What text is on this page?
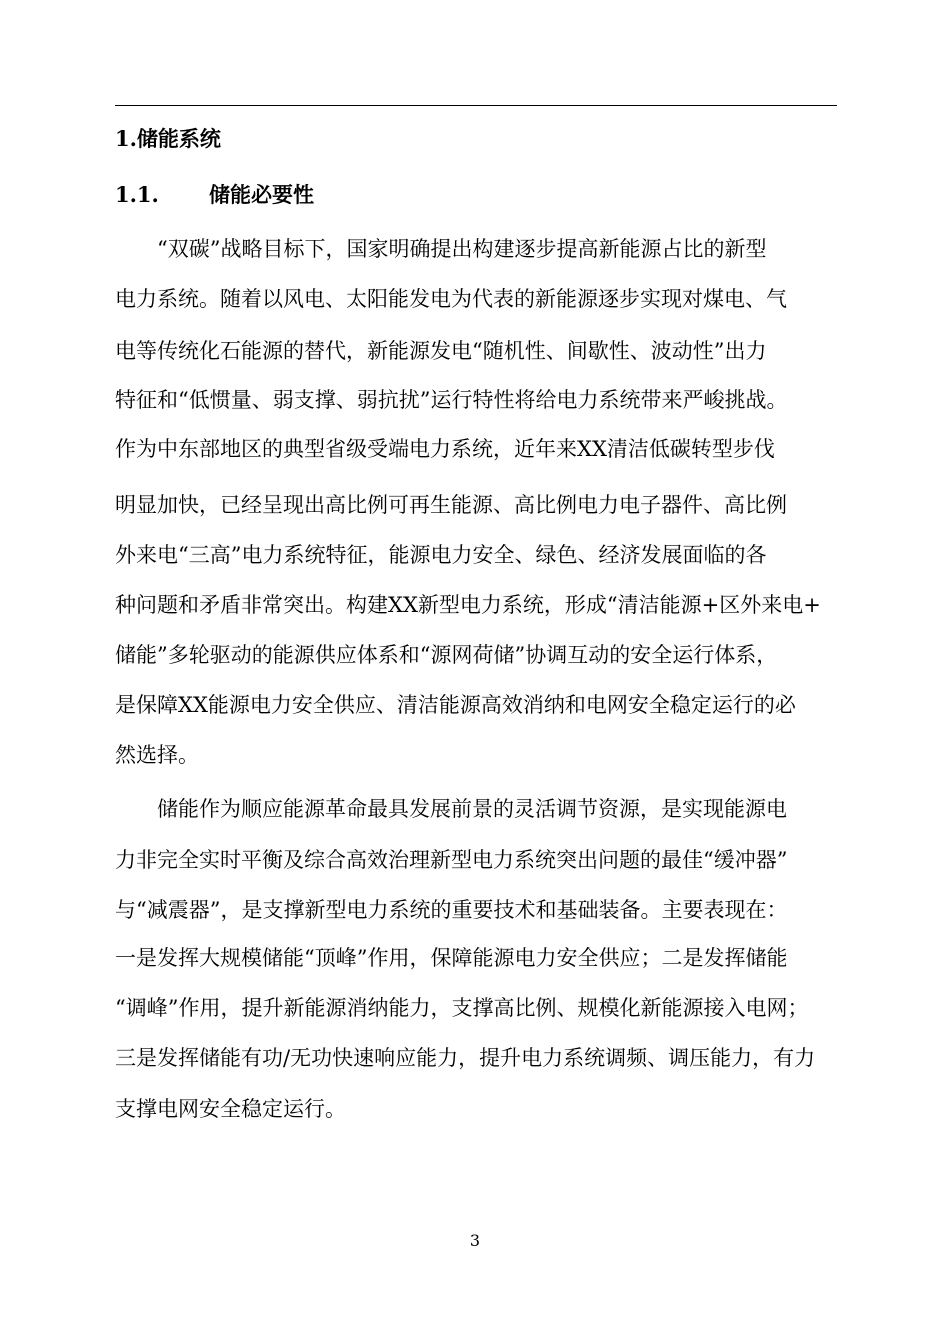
1.储能系统
1.1. 储能必要性
“双碳”战略目标下，国家明确提出构建逐步提高新能源占比的新型
电力系统。随着以风电、太阳能发电为代表的新能源逐步实现对煤电、气
电等传统化石能源的替代，新能源发电“随机性、间歇性、波动性”出力
特征和“低惯量、弱支撑、弱抗扰”运行特性将给电力系统带来严峻挑战。
作为中东部地区的典型省级受端电力系统，近年来XX清洁低碳转型步伐
明显加快，已经呈现出高比例可再生能源、高比例电力电子器件、高比例
外来电“三高”电力系统特征，能源电力安全、绿色、经济发展面临的各
种问题和矛盾非常突出。构建XX新型电力系统，形成“清洁能源+区外来电+
储能”多轮驱动的能源供应体系和“源网荷储”协调互动的安全运行体系，
是保障XX能源电力安全供应、清洁能源高效消纳和电网安全稳定运行的必
然选择。
储能作为顺应能源革命最具发展前景的灵活调节资源，是实现能源电
力非完全实时平衡及综合高效治理新型电力系统突出问题的最佳“缓冲器”
与“减震器”，是支撑新型电力系统的重要技术和基础装备。主要表现在：
一是发挥大规模储能“顶峰”作用，保障能源电力安全供应；二是发挥储能
“调峰”作用，提升新能源消纳能力，支撑高比例、规模化新能源接入电网；
三是发挥储能有功/无功快速响应能力，提升电力系统调频、调压能力，有力
支撑电网安全稳定运行。
3
